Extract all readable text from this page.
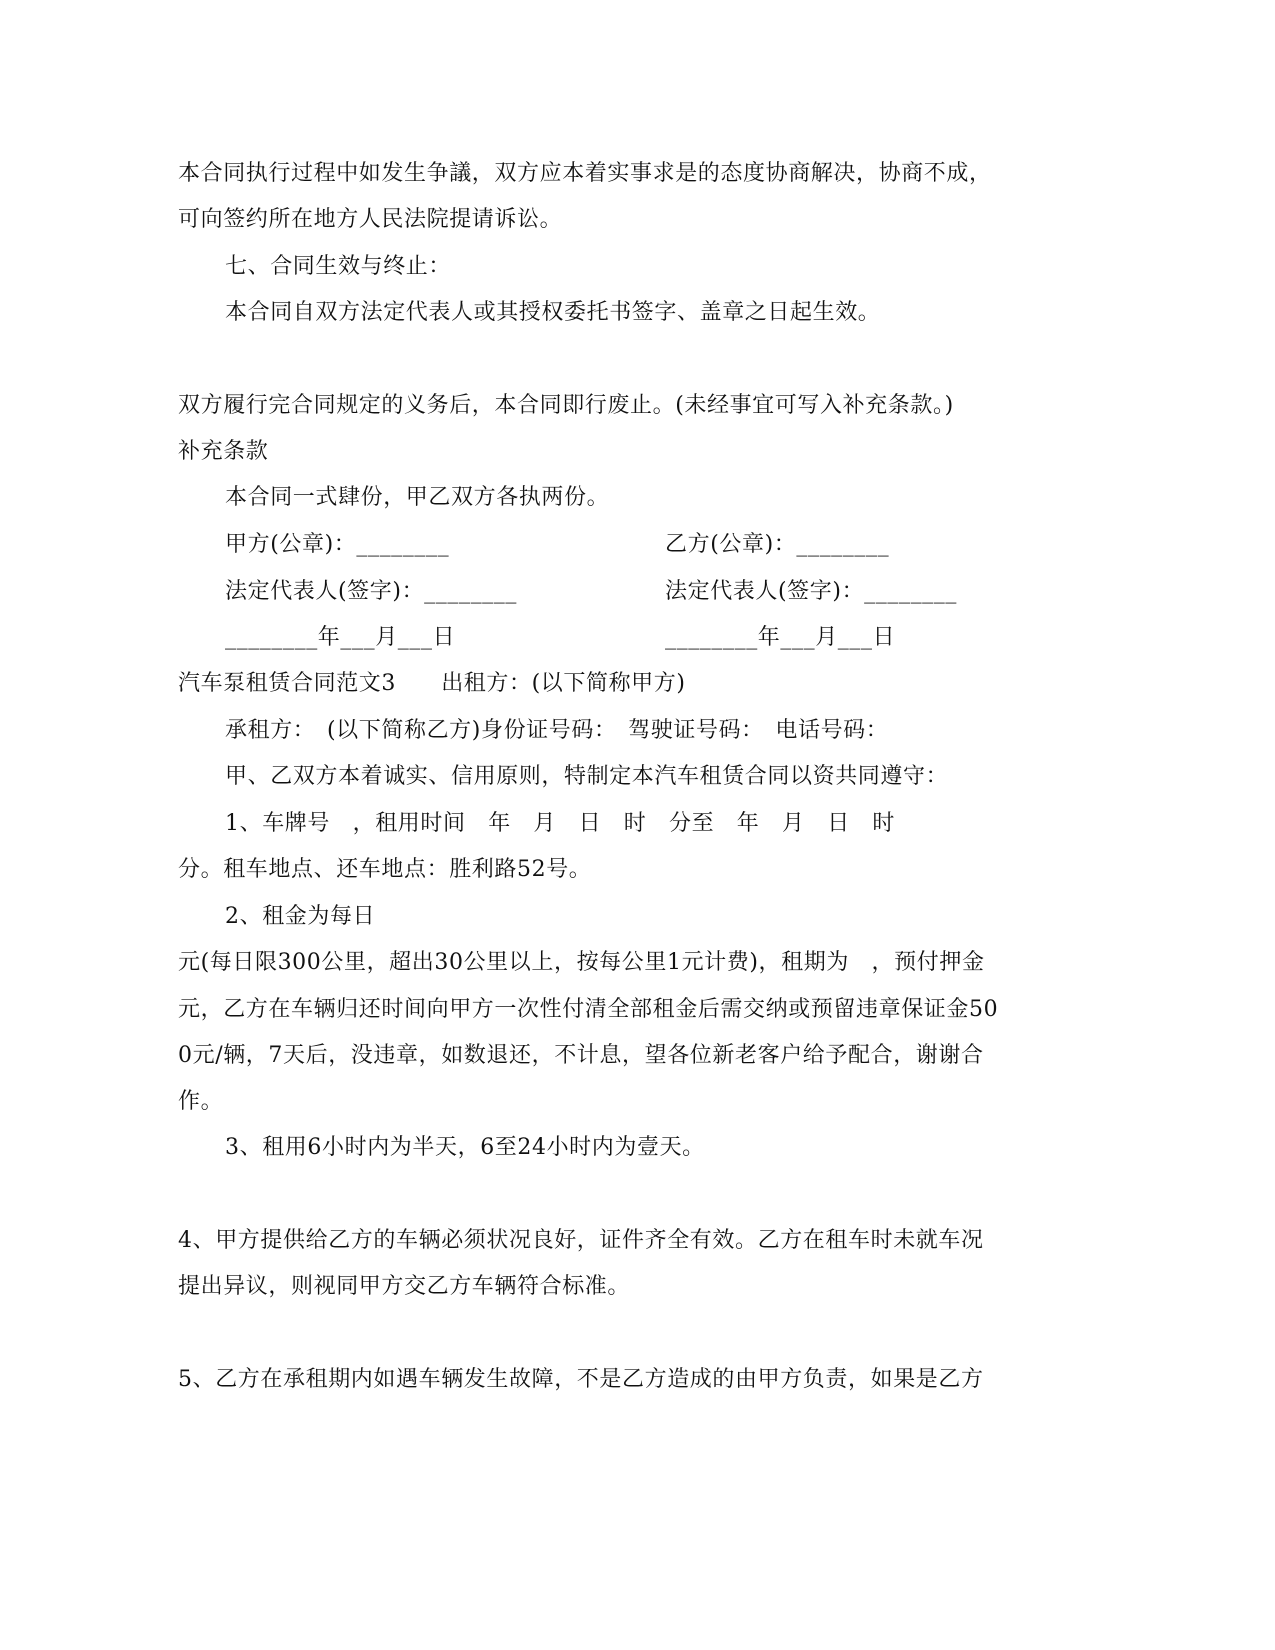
本合同执行过程中如发生争議，双方应本着实事求是的态度协商解决，协商不成，
可向签约所在地方人民法院提请诉讼。
七、合同生效与终止：
本合同自双方法定代表人或其授权委托书签字、盖章之日起生效。
双方履行完合同规定的义务后，本合同即行废止。(未经事宜可写入补充条款。)
补充条款
本合同一式肆份，甲乙双方各执两份。
甲方(公章)：________	乙方(公章)：________
法定代表人(签字)：________	法定代表人(签字)：________
________年___月___日	________年___月___日
汽车泵租赁合同范文3　　出租方：(以下简称甲方)
承租方：　(以下简称乙方)身份证号码：　驾驶证号码：　电话号码：
甲、乙双方本着诚实、信用原则，特制定本汽车租赁合同以资共同遵守：
1、车牌号　，租用时间　年　月　日　时　分至　年　月　日　时
分。租车地点、还车地点：胜利路52号。
2、租金为每日
元(每日限300公里，超出30公里以上，按每公里1元计费)，租期为　，预付押金
元，乙方在车辆归还时间向甲方一次性付清全部租金后需交纳或预留违章保证金50
0元/辆，7天后，没违章，如数退还，不计息，望各位新老客户给予配合，谢谢合
作。
3、租用6小时内为半天，6至24小时内为壹天。
4、甲方提供给乙方的车辆必须状况良好，证件齐全有效。乙方在租车时未就车况
提出异议，则视同甲方交乙方车辆符合标准。
5、乙方在承租期内如遇车辆发生故障，不是乙方造成的由甲方负责，如果是乙方
